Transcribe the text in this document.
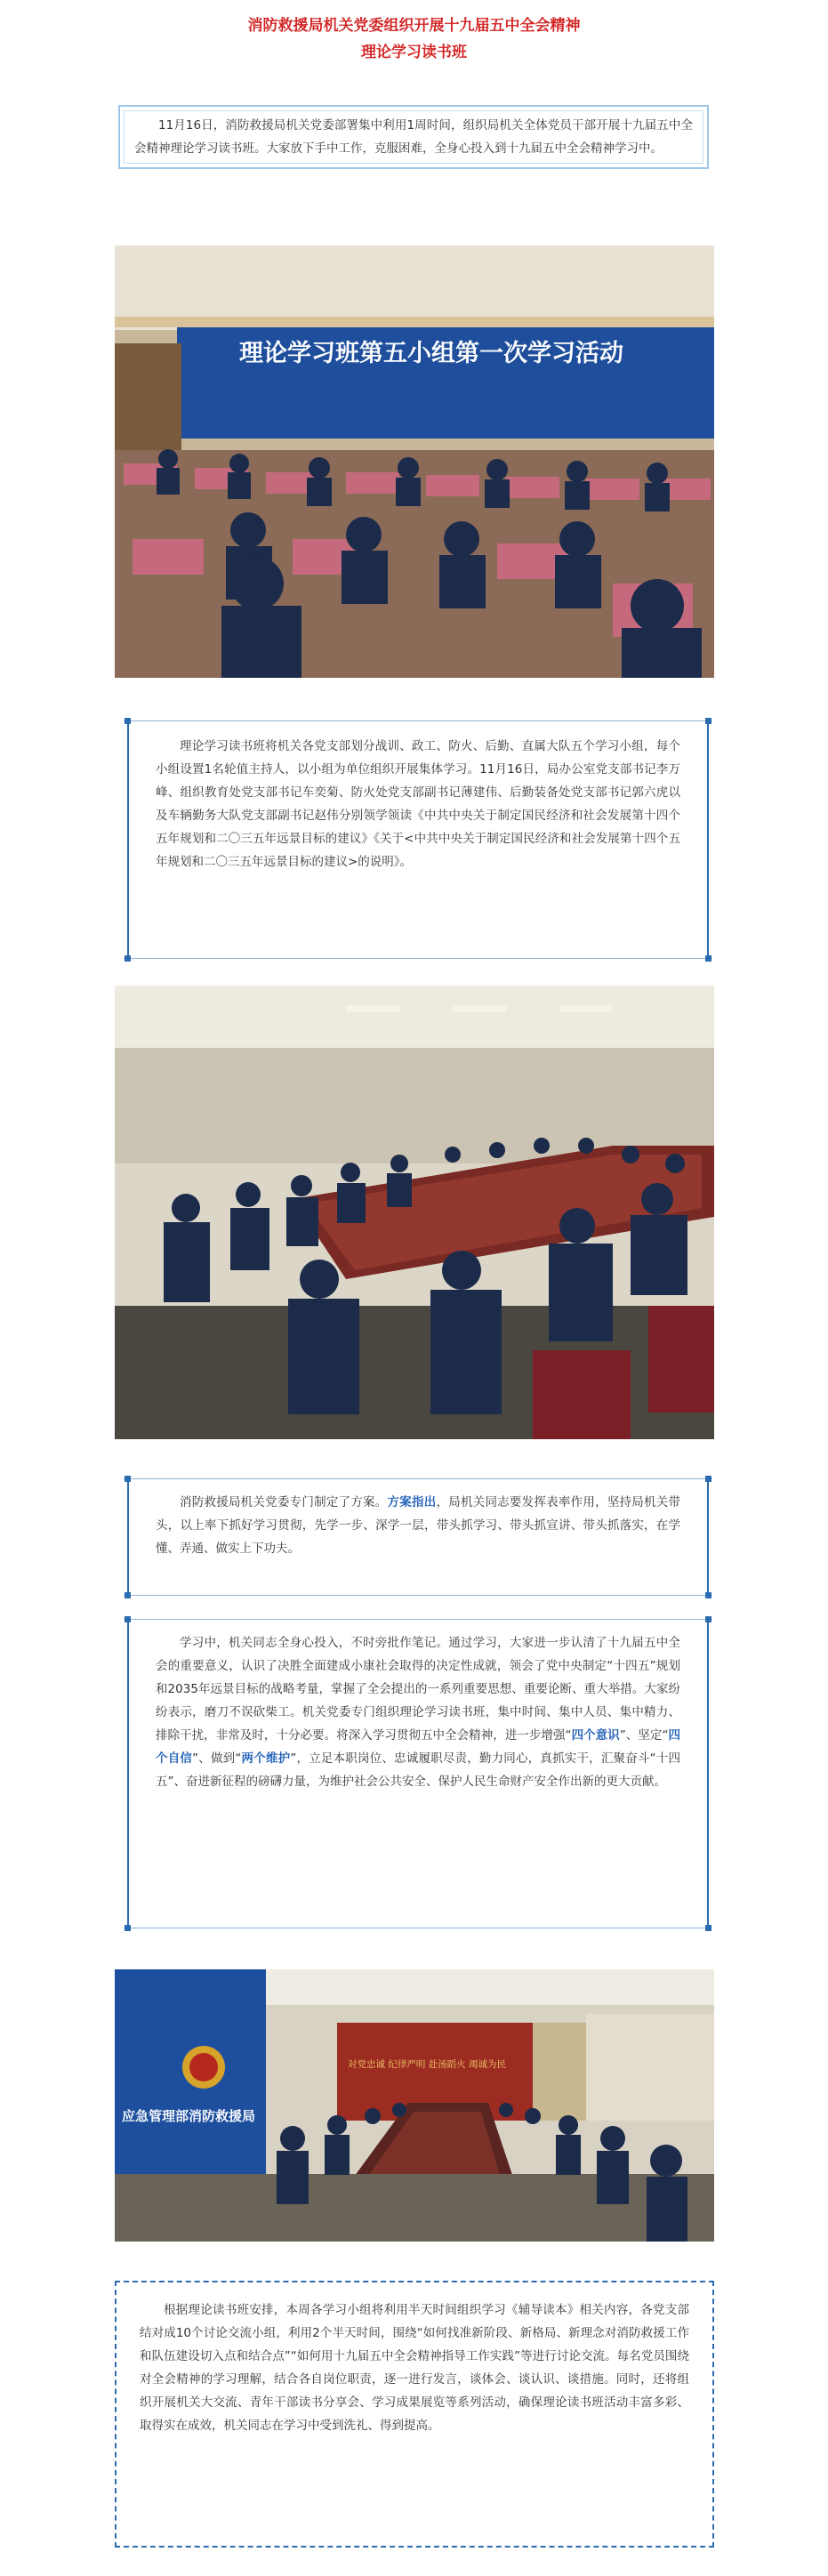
消防救援局机关党委组织开展十九届五中全会精神
理论学习读书班

11月16日，消防救援局机关党委部署集中利用1周时间，组织局机关全体党员干部开展十九届五中全会精神理论学习读书班。大家放下手中工作，克服困难，全身心投入到十九届五中全会精神学习中。

理论学习班第五小组第一次学习活动

理论学习读书班将机关各党支部划分战训、政工、防火、后勤、直属大队五个学习小组，每个小组设置1名轮值主持人，以小组为单位组织开展集体学习。11月16日，局办公室党支部书记李万峰、组织教育处党支部书记车奕菊、防火处党支部副书记薄建伟、后勤装备处党支部书记郭六虎以及车辆勤务大队党支部副书记赵伟分别领学领读《中共中央关于制定国民经济和社会发展第十四个五年规划和二〇三五年远景目标的建议》《关于<中共中央关于制定国民经济和社会发展第十四个五年规划和二〇三五年远景目标的建议>的说明》。

消防救援局机关党委专门制定了方案。方案指出，局机关同志要发挥表率作用，坚持局机关带头，以上率下抓好学习贯彻，先学一步、深学一层，带头抓学习、带头抓宣讲、带头抓落实，在学懂、弄通、做实上下功夫。

学习中，机关同志全身心投入，不时旁批作笔记。通过学习，大家进一步认清了十九届五中全会的重要意义，认识了决胜全面建成小康社会取得的决定性成就，领会了党中央制定“十四五”规划和2035年远景目标的战略考量，掌握了全会提出的一系列重要思想、重要论断、重大举措。大家纷纷表示，磨刀不误砍柴工。机关党委专门组织理论学习读书班，集中时间、集中人员、集中精力、排除干扰，非常及时，十分必要。将深入学习贯彻五中全会精神，进一步增强“四个意识”、坚定“四个自信”、做到“两个维护”，立足本职岗位、忠诚履职尽责，勤力同心，真抓实干，汇聚奋斗“十四五”、奋进新征程的磅礴力量，为维护社会公共安全、保护人民生命财产安全作出新的更大贡献。

应急管理部消防救援局
对党忠诚 纪律严明 赴汤蹈火 竭诚为民

根据理论读书班安排，本周各学习小组将利用半天时间组织学习《辅导读本》相关内容，各党支部结对成10个讨论交流小组，利用2个半天时间，围绕“如何找准新阶段、新格局、新理念对消防救援工作和队伍建设切入点和结合点”“如何用十九届五中全会精神指导工作实践”等进行讨论交流。每名党员围绕对全会精神的学习理解，结合各自岗位职责，逐一进行发言，谈体会、谈认识、谈措施。同时，还将组织开展机关大交流、青年干部读书分享会、学习成果展览等系列活动，确保理论读书班活动丰富多彩、取得实在成效，机关同志在学习中受到洗礼、得到提高。
